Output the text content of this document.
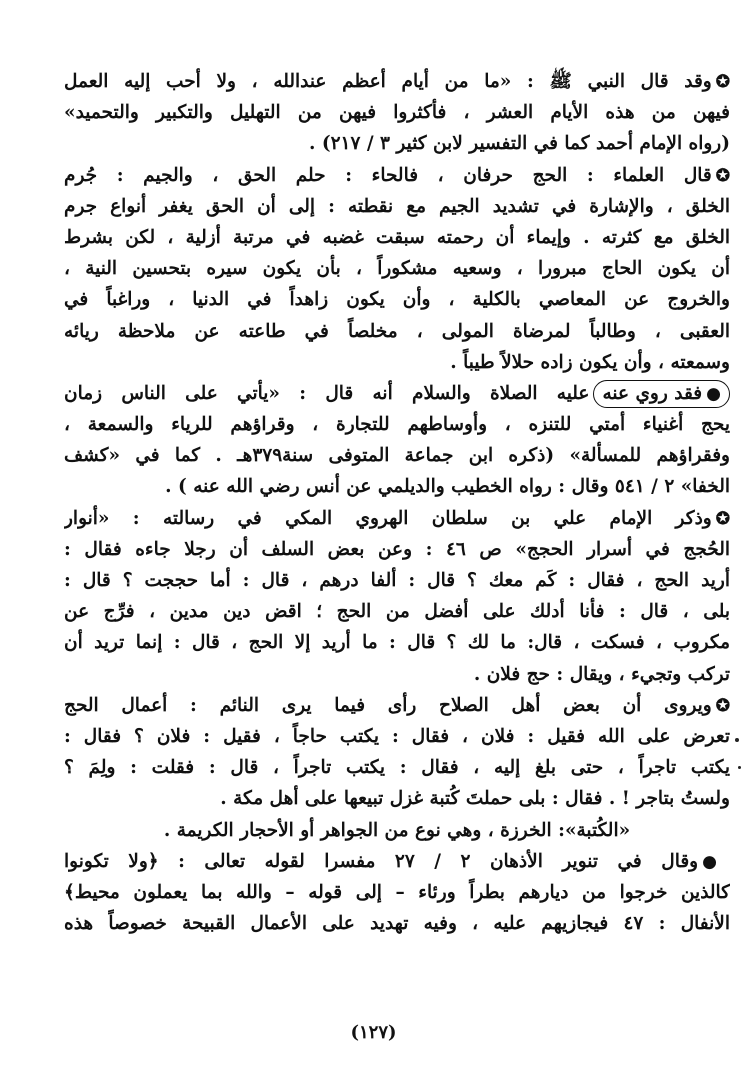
✪وقد قال النبي ﷺ : «ما من أيام أعظم عندالله ، ولا أحب إليه العمل
فيهن من هذه الأيام العشر ، فأكثروا فيهن من التهليل والتكبير والتحميد»
(رواه الإمام أحمد كما في التفسير لابن كثير ٣ / ٢١٧) .

✪قال العلماء : الحج حرفان ، فالحاء : حلم الحق ، والجيم : جُرم
الخلق ، والإشارة في تشديد الجيم مع نقطته : إلى أن الحق يغفر أنواع جرم
الخلق مع كثرته . وإيماء أن رحمته سبقت غضبه في مرتبة أزلية ، لكن بشرط
أن يكون الحاج مبرورا ، وسعيه مشكوراً ، بأن يكون سيره بتحسين النية ،
والخروج عن المعاصي بالكلية ، وأن يكون زاهداً في الدنيا ، وراغباً في
العقبى ، وطالباً لمرضاة المولى ، مخلصاً في طاعته عن ملاحظة ريائه
وسمعته ، وأن يكون زاده حلالاً طيباً .

●فقد روي عنهعليه الصلاة والسلام أنه قال : «يأتي على الناس زمان
يحج أغنياء أمتي للتنزه ، وأوساطهم للتجارة ، وقراؤهم للرياء والسمعة ،
وفقراؤهم للمسألة» (ذكره ابن جماعة المتوفى سنة٣٧٩هـ . كما في «كشف
الخفا» ٢ / ٥٤١ وقال : رواه الخطيب والديلمي عن أنس رضي الله عنه ) .

✪وذكر الإمام علي بن سلطان الهروي المكي في رسالته : «أنوار
الحُجج في أسرار الحجج» ص ٤٦ : وعن بعض السلف أن رجلا جاءه فقال :
أريد الحج ، فقال : كَم معك ؟ قال : ألفا درهم ، قال : أما حججت ؟ قال :
بلى ، قال : فأنا أدلك على أفضل من الحج ؛ اقض دين مدين ، فرِّج عن
مكروب ، فسكت ، قال: ما لك ؟ قال : ما أريد إلا الحج ، قال : إنما تريد أن
تركب وتجيء ، ويقال : حج فلان .

✪ويروى أن بعض أهل الصلاح رأى فيما يرى النائم : أعمال الحج
تعرض على الله فقيل : فلان ، فقال : يكتب حاجاً ، فقيل : فلان ؟ فقال :
يكتب تاجراً ، حتى بلغ إليه ، فقال : يكتب تاجراً ، قال : فقلت : ولِمَ ؟
ولستُ بتاجر ! . فقال : بلى حملتَ كُتبة غزل تبيعها على أهل مكة .

«الكُتبة»: الخرزة ، وهي نوع من الجواهر أو الأحجار الكريمة .

●وقال في تنوير الأذهان ٢ / ٢٧ مفسرا لقوله تعالى : ﴿ولا تكونوا
كالذين خرجوا من ديارهم بطراً ورئاء – إلى قوله – والله بما يعملون محيط﴾
الأنفال : ٤٧ فيجازيهم عليه ، وفيه تهديد على الأعمال القبيحة خصوصاً هذه

(١٢٧)
